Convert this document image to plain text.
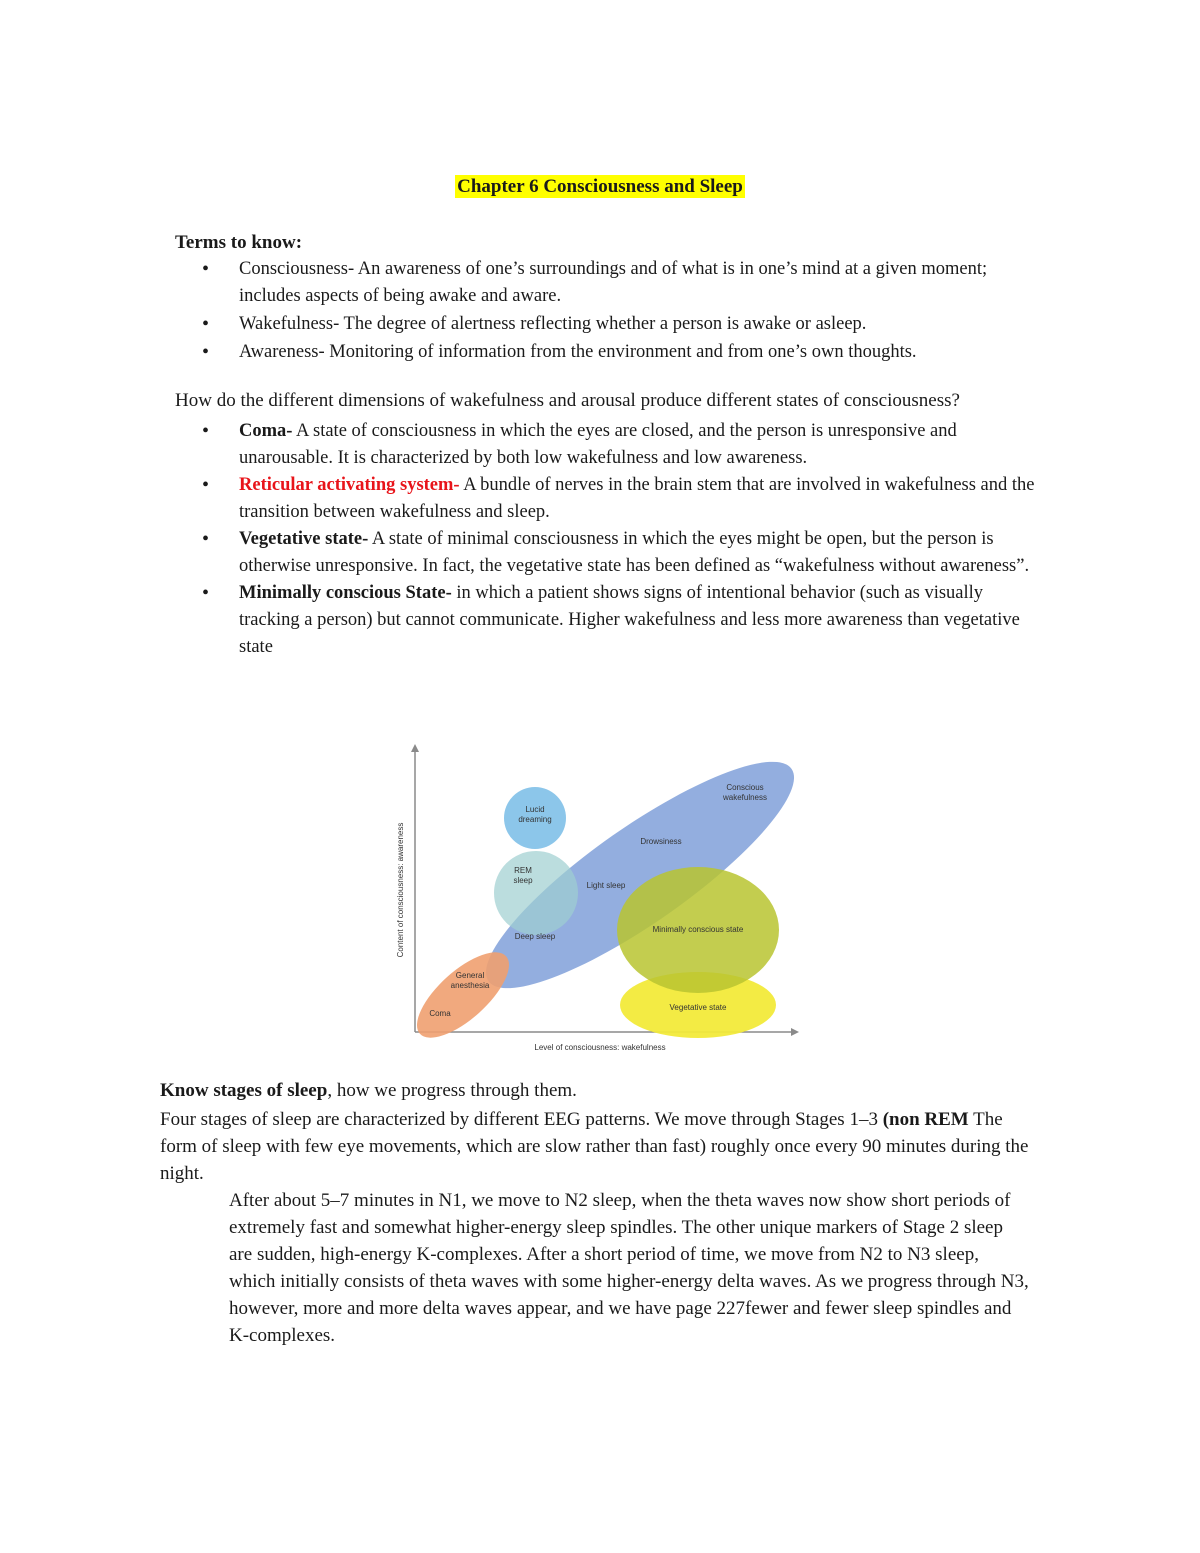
Chapter 6 Consciousness and Sleep
Terms to know:
• Consciousness- An awareness of one’s surroundings and of what is in one’s mind at a given moment; includes aspects of being awake and aware.
• Wakefulness- The degree of alertness reflecting whether a person is awake or asleep.
• Awareness- Monitoring of information from the environment and from one’s own thoughts.
How do the different dimensions of wakefulness and arousal produce different states of consciousness?
• Coma- A state of consciousness in which the eyes are closed, and the person is unresponsive and unarousable. It is characterized by both low wakefulness and low awareness.
• Reticular activating system- A bundle of nerves in the brain stem that are involved in wakefulness and the transition between wakefulness and sleep.
• Vegetative state- A state of minimal consciousness in which the eyes might be open, but the person is otherwise unresponsive. In fact, the vegetative state has been defined as “wakefulness without awareness”.
• Minimally conscious State- in which a patient shows signs of intentional behavior (such as visually tracking a person) but cannot communicate. Higher wakefulness and less more awareness than vegetative state
Lucid
dreaming
Conscious
wakefulness
Drowsiness
REM
sleep
Light sleep
Deep sleep
Minimally conscious state
General
anesthesia
Coma
Vegetative state
Level of consciousness: wakefulness
Content of consciousness: awareness
Know stages of sleep, how we progress through them.
Four stages of sleep are characterized by different EEG patterns. We move through Stages 1–3 (non REM The form of sleep with few eye movements, which are slow rather than fast) roughly once every 90 minutes during the night.
After about 5–7 minutes in N1, we move to N2 sleep, when the theta waves now show short periods of extremely fast and somewhat higher-energy sleep spindles. The other unique markers of Stage 2 sleep are sudden, high-energy K-complexes. After a short period of time, we move from N2 to N3 sleep, which initially consists of theta waves with some higher-energy delta waves. As we progress through N3, however, more and more delta waves appear, and we have page 227fewer and fewer sleep spindles and K-complexes.
